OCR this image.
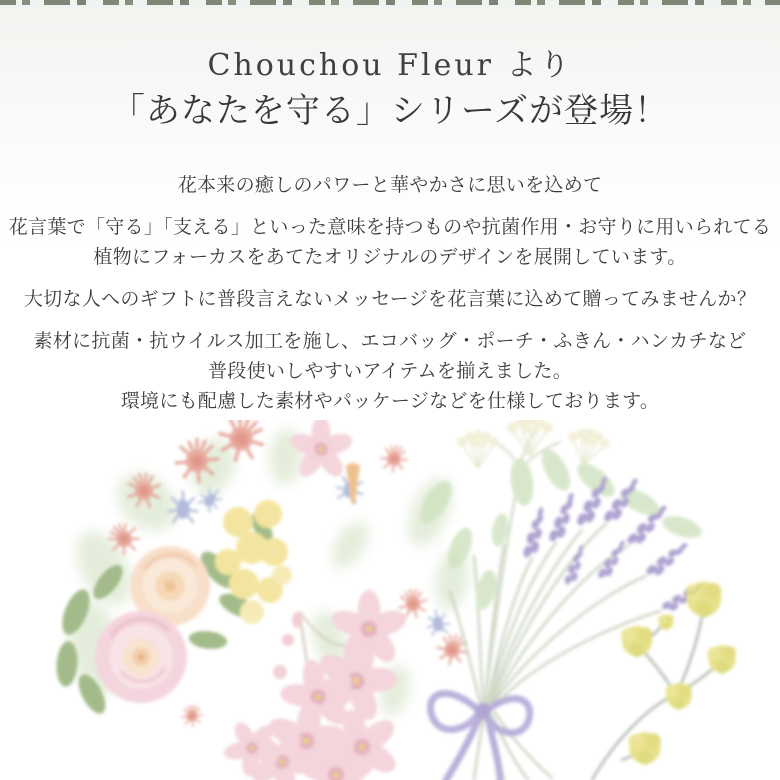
Chouchou Fleur より
「あなたを守る」シリーズが登場！
花本来の癒しのパワーと華やかさに思いを込めて
花言葉で「守る」「支える」といった意味を持つものや抗菌作用・お守りに用いられてる
植物にフォーカスをあてたオリジナルのデザインを展開しています。
大切な人へのギフトに普段言えないメッセージを花言葉に込めて贈ってみませんか？
素材に抗菌・抗ウイルス加工を施し、エコバッグ・ポーチ・ふきん・ハンカチなど
普段使いしやすいアイテムを揃えました。
環境にも配慮した素材やパッケージなどを仕様しております。
